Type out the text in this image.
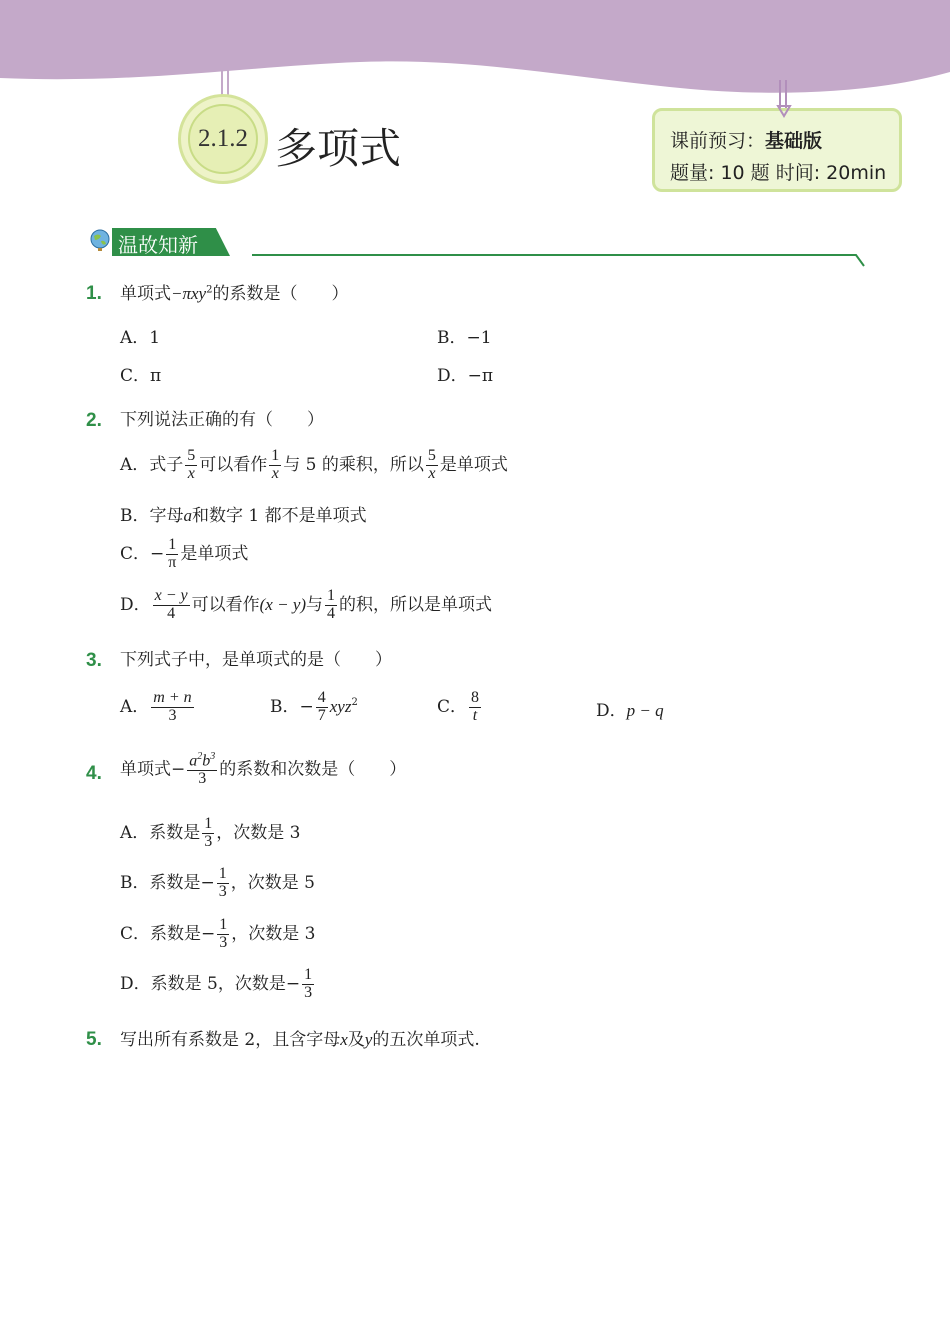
2.1.2 多项式	课前预习：基础版
题量: 10 题 时间: 20min
温故知新
1. 单项式−πxy$^2$的系数是（　　）
A．1	B．−1
C．π	D．−π
2. 下列说法正确的有（　　）
A．式子 $\frac{5}{x}$ 可以看作 $\frac{1}{x}$ 与 5 的乘积，所以 $\frac{5}{x}$ 是单项式
B．字母a和数字 1 都不是单项式
C．− $\frac{1}{\pi}$ 是单项式
D． $\frac{x - y}{4}$ 可以看作(x − y)与 $\frac{1}{4}$ 的积，所以是单项式
3. 下列式子中，是单项式的是（　　）
A． $\frac{m + n}{3}$	B．− $\frac{4}{7} xyz^2$	C． $\frac{8}{t}$	D．p − q
4. 单项式− $\frac{a^2b^3}{3}$ 的系数和次数是（　　）
A．系数是 $\frac{1}{3}$ ，次数是 3
B．系数是− $\frac{1}{3}$ ，次数是 5
C．系数是− $\frac{1}{3}$ ，次数是 3
D．系数是 5，次数是− $\frac{1}{3}$
5. 写出所有系数是 2，且含字母x及y的五次单项式.
